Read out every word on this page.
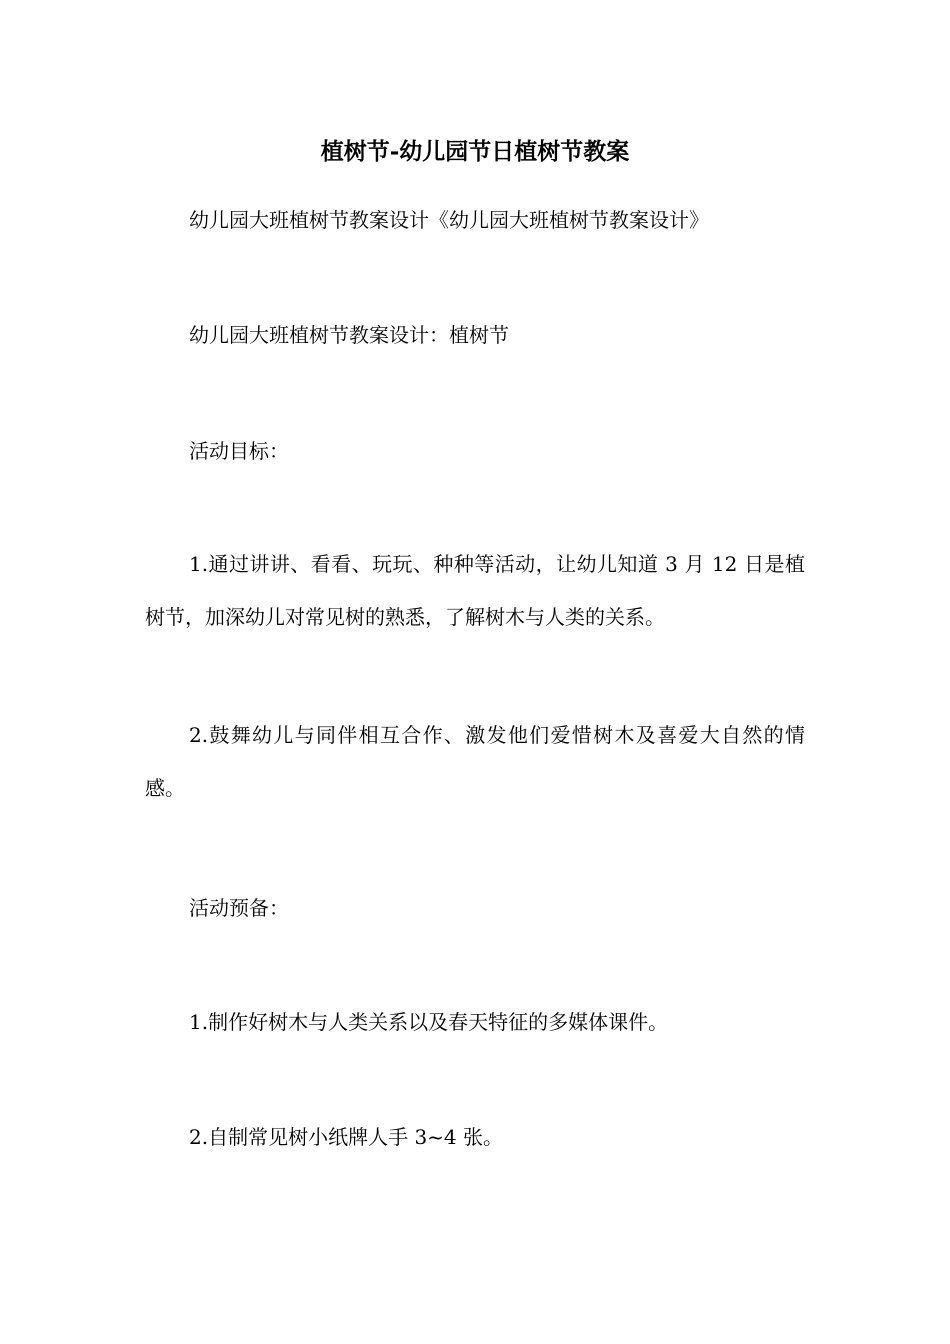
植树节-幼儿园节日植树节教案

幼儿园大班植树节教案设计《幼儿园大班植树节教案设计》

幼儿园大班植树节教案设计：植树节

活动目标：

1.通过讲讲、看看、玩玩、种种等活动，让幼儿知道 3 月 12 日是植树节，加深幼儿对常见树的熟悉，了解树木与人类的关系。

2.鼓舞幼儿与同伴相互合作、激发他们爱惜树木及喜爱大自然的情感。

活动预备：

1.制作好树木与人类关系以及春天特征的多媒体课件。

2.自制常见树小纸牌人手 3~4 张。
